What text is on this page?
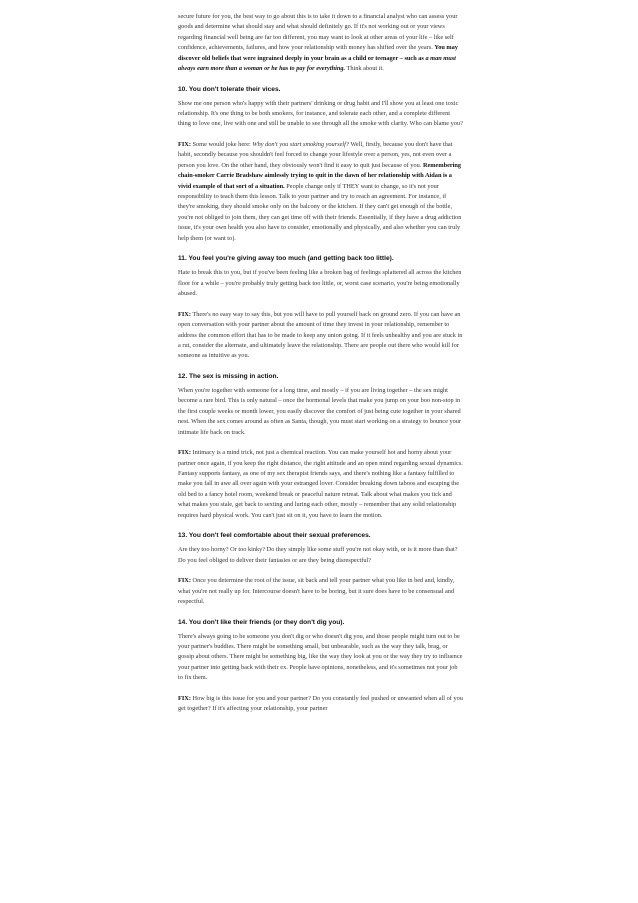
secure future for you, the best way to go about this is to take it down to a financial analyst who can assess your goods and determine what should stay and what should definitely go. If it's not working out or your views regarding financial well being are far too different, you may want to look at other areas of your life – like self confidence, achievements, failures, and how your relationship with money has shifted over the years. You may discover old beliefs that were ingrained deeply in your brain as a child or teenager – such as a man must always earn more than a woman or he has to pay for everything. Think about it.

10. You don't tolerate their vices.

Show me one person who's happy with their partners' drinking or drug habit and I'll show you at least one toxic relationship. It's one thing to be both smokers, for instance, and tolerate each other, and a complete different thing to love one, live with one and still be unable to see through all the smoke with clarity. Who can blame you?

FIX: Some would joke here: Why don't you start smoking yourself? Well, firstly, because you don't have that habit, secondly because you shouldn't feel forced to change your lifestyle over a person, yes, not even over a person you love. On the other hand, they obviously won't find it easy to quit just because of you. Remembering chain-smoker Carrie Bradshaw aimlessly trying to quit in the dawn of her relationship with Aidan is a vivid example of that sort of a situation. People change only if THEY want to change, so it's not your responsibility to teach them this lesson. Talk to your partner and try to reach an agreement. For instance, if they're smoking, they should smoke only on the balcony or the kitchen. If they can't get enough of the bottle, you're not obliged to join them, they can get time off with their friends. Essentially, if they have a drug addiction issue, it's your own health you also have to consider, emotionally and physically, and also whether you can truly help them (or want to).

11. You feel you're giving away too much (and getting back too little).

Hate to break this to you, but if you've been feeling like a broken bag of feelings splattered all across the kitchen floor for a while – you're probably truly getting back too little, or, worst case scenario, you're being emotionally abused.

FIX: There's no easy way to say this, but you will have to pull yourself back on ground zero. If you can have an open conversation with your partner about the amount of time they invest in your relationship, remember to address the common effort that has to be made to keep any union going. If it feels unhealthy and you are stuck in a rut, consider the alternate, and ultimately leave the relationship. There are people out there who would kill for someone as intuitive as you.

12. The sex is missing in action.

When you're together with someone for a long time, and mostly – if you are living together – the sex might become a rare bird. This is only natural – once the hormonal levels that make you jump on your boo non-stop in the first couple weeks or month lower, you easily discover the comfort of just being cute together in your shared nest. When the sex comes around as often as Santa, though, you must start working on a strategy to bounce your intimate life back on track.

FIX: Intimacy is a mind trick, not just a chemical reaction. You can make yourself hot and horny about your partner once again, if you keep the right distance, the right attitude and an open mind regarding sexual dynamics. Fantasy supports fantasy, as one of my sex therapist friends says, and there's nothing like a fantasy fulfilled to make you fall in awe all over again with your estranged lover. Consider breaking down taboos and escaping the old bed to a fancy hotel room, weekend break or peaceful nature retreat. Talk about what makes you tick and what makes you stale, get back to sexting and luring each other, mostly – remember that any solid relationship requires hard physical work. You can't just sit on it, you have to learn the motion.

13. You don't feel comfortable about their sexual preferences.

Are they too horny? Or too kinky? Do they simply like some stuff you're not okay with, or is it more than that? Do you feel obliged to deliver their fantasies or are they being disrespectful?

FIX: Once you determine the root of the issue, sit back and tell your partner what you like in bed and, kindly, what you're not really up for. Intercourse doesn't have to be boring, but it sure does have to be consensual and respectful.

14. You don't like their friends (or they don't dig you).

There's always going to be someone you don't dig or who doesn't dig you, and those people might turn out to be your partner's buddies. There might be something small, but unbearable, such as the way they talk, brag, or gossip about others. There might be something big, like the way they look at you or the way they try to influence your partner into getting back with their ex. People have opinions, nonetheless, and it's sometimes not your job to fix them.

FIX: How big is this issue for you and your partner? Do you constantly feel pushed or unwanted when all of you get together? If it's affecting your relationship, your partner
